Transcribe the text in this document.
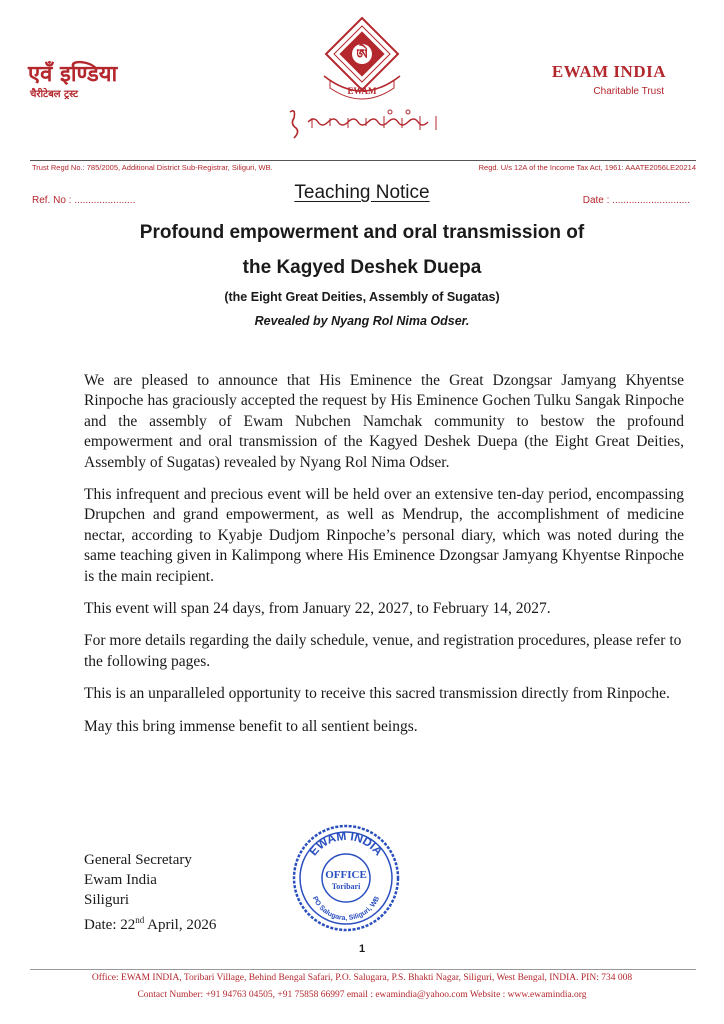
एवँ इण्डिया
चैरीटेबल ट्रस्ट
ཨེ
EWAM
EWAM INDIA
Charitable Trust
Trust Regd No.: 785/2005, Additional District Sub-Registrar, Siliguri, WB.	Regd. U/s 12A of the Income Tax Act, 1961: AAATE2056LE20214
Ref. No : ......................	Teaching Notice	Date : ............................
Profound empowerment and oral transmission of
the Kagyed Deshek Duepa
(the Eight Great Deities, Assembly of Sugatas)
Revealed by Nyang Rol Nima Odser.

We are pleased to announce that His Eminence the Great Dzongsar Jamyang Khyentse Rinpoche has graciously accepted the request by His Eminence Gochen Tulku Sangak Rinpoche and the assembly of Ewam Nubchen Namchak community to bestow the profound empowerment and oral transmission of the Kagyed Deshek Duepa (the Eight Great Deities, Assembly of Sugatas) revealed by Nyang Rol Nima Odser.

This infrequent and precious event will be held over an extensive ten-day period, encompassing Drupchen and grand empowerment, as well as Mendrup, the accomplishment of medicine nectar, according to Kyabje Dudjom Rinpoche’s personal diary, which was noted during the same teaching given in Kalimpong where His Eminence Dzongsar Jamyang Khyentse Rinpoche is the main recipient.

This event will span 24 days, from January 22, 2027, to February 14, 2027.

For more details regarding the daily schedule, venue, and registration procedures, please refer to the following pages.

This is an unparalleled opportunity to receive this sacred transmission directly from Rinpoche.

May this bring immense benefit to all sentient beings.

General Secretary
Ewam India
Siliguri
Date: 22nd April, 2026
EWAM INDIA
PO Salugara, Siliguri, WB
OFFICE
Toribari
1
Office: EWAM INDIA, Toribari Village, Behind Bengal Safari, P.O. Salugara, P.S. Bhakti Nagar, Siliguri, West Bengal, INDIA. PIN: 734 008
Contact Number: +91 94763 04505, +91 75858 66997 email : ewamindia@yahoo.com Website : www.ewamindia.org
